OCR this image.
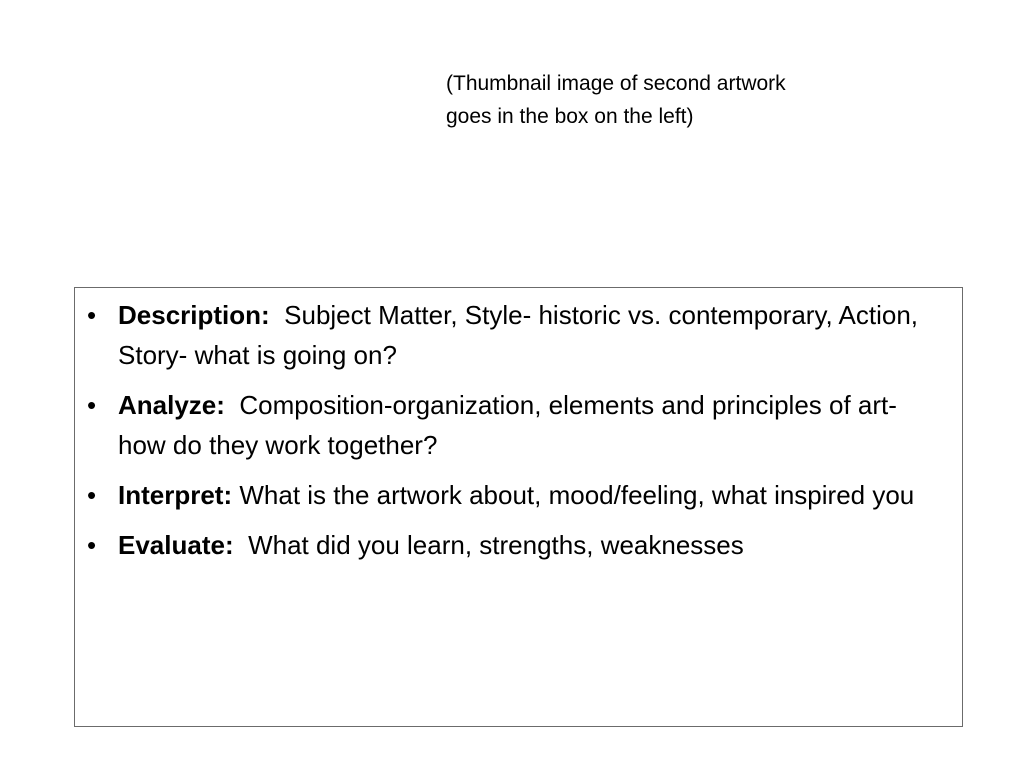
(Thumbnail image of second artwork
goes in the box on the left)
• Description: Subject Matter, Style- historic vs. contemporary, Action, Story- what is going on?
• Analyze: Composition-organization, elements and principles of art- how do they work together?
• Interpret: What is the artwork about, mood/feeling, what inspired you
• Evaluate: What did you learn, strengths, weaknesses
